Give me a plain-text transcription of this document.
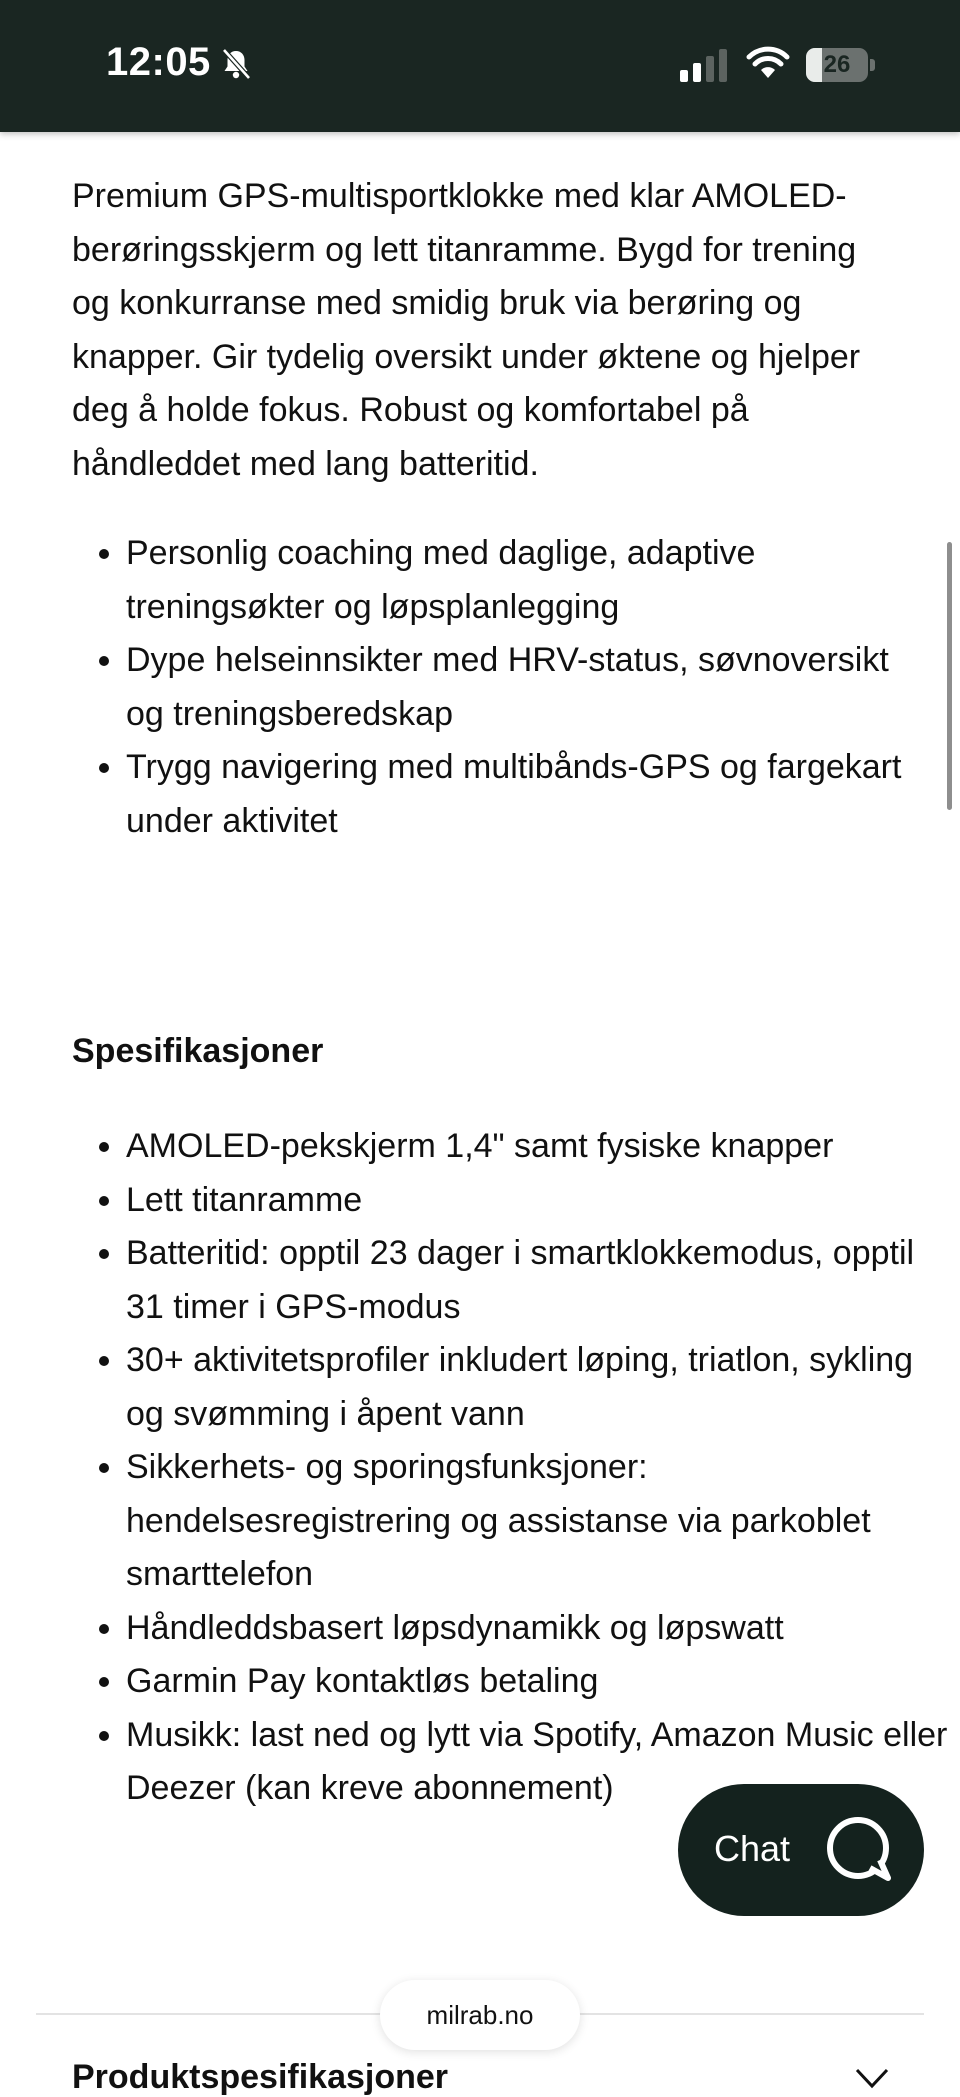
12:05	26

Premium GPS-multisportklokke med klar AMOLED-berøringsskjerm og lett titanramme. Bygd for trening og konkurranse med smidig bruk via berøring og knapper. Gir tydelig oversikt under øktene og hjelper deg å holde fokus. Robust og komfortabel på håndleddet med lang batteritid.

• Personlig coaching med daglige, adaptive treningsøkter og løpsplanlegging
• Dype helseinnsikter med HRV-status, søvnoversikt og treningsberedskap
• Trygg navigering med multibånds-GPS og fargekart under aktivitet
Spesifikasjoner
• AMOLED-pekskjerm 1,4" samt fysiske knapper
• Lett titanramme
• Batteritid: opptil 23 dager i smartklokkemodus, opptil 31 timer i GPS-modus
• 30+ aktivitetsprofiler inkludert løping, triatlon, sykling og svømming i åpent vann
• Sikkerhets- og sporingsfunksjoner: hendelsesregistrering og assistanse via parkoblet smarttelefon
• Håndleddsbasert løpsdynamikk og løpswatt
• Garmin Pay kontaktløs betaling
• Musikk: last ned og lytt via Spotify, Amazon Music eller Deezer (kan kreve abonnement)
Produktspesifikasjoner
Chat
milrab.no
